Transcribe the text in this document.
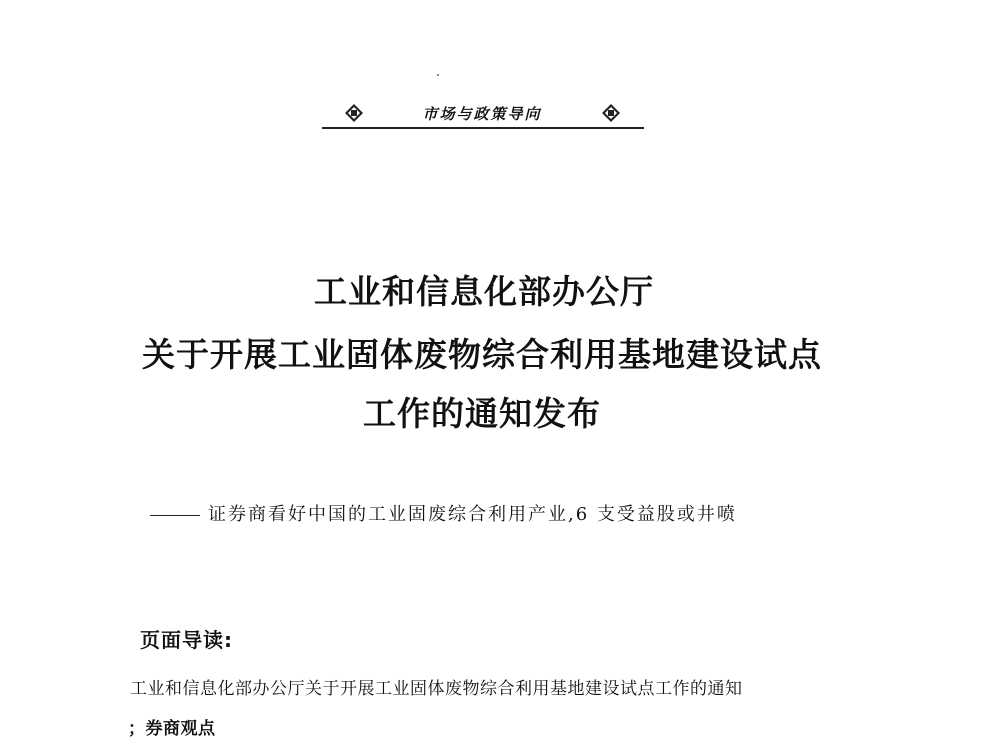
市场与政策导向
工业和信息化部办公厅
关于开展工业固体废物综合利用基地建设试点
工作的通知发布
证券商看好中国的工业固废综合利用产业,6 支受益股或井喷
页面导读:
工业和信息化部办公厅关于开展工业固体废物综合利用基地建设试点工作的通知
；券商观点
